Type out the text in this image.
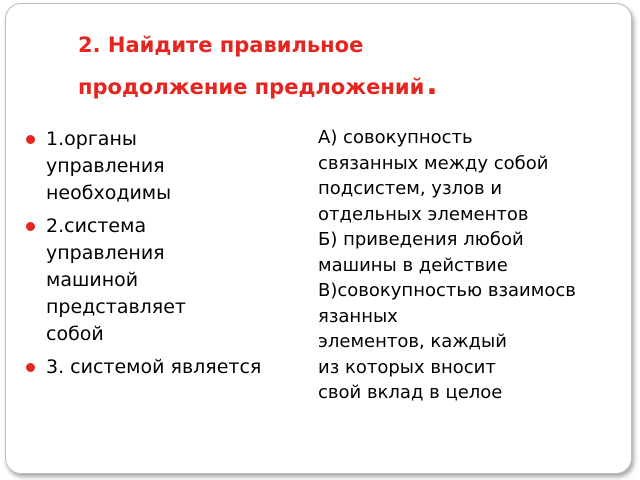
2. Найдите правильное
продолжение предложений.
1.органы
управления
необходимы
2.система
управления
машиной
представляет
собой
3. системой является
А) совокупность
связанных между собой
подсистем, узлов и
отдельных элементов
Б) приведения любой
машины в действие
В)совокупностью взаимосв
язанных
элементов, каждый
из которых вносит
свой вклад в целое
